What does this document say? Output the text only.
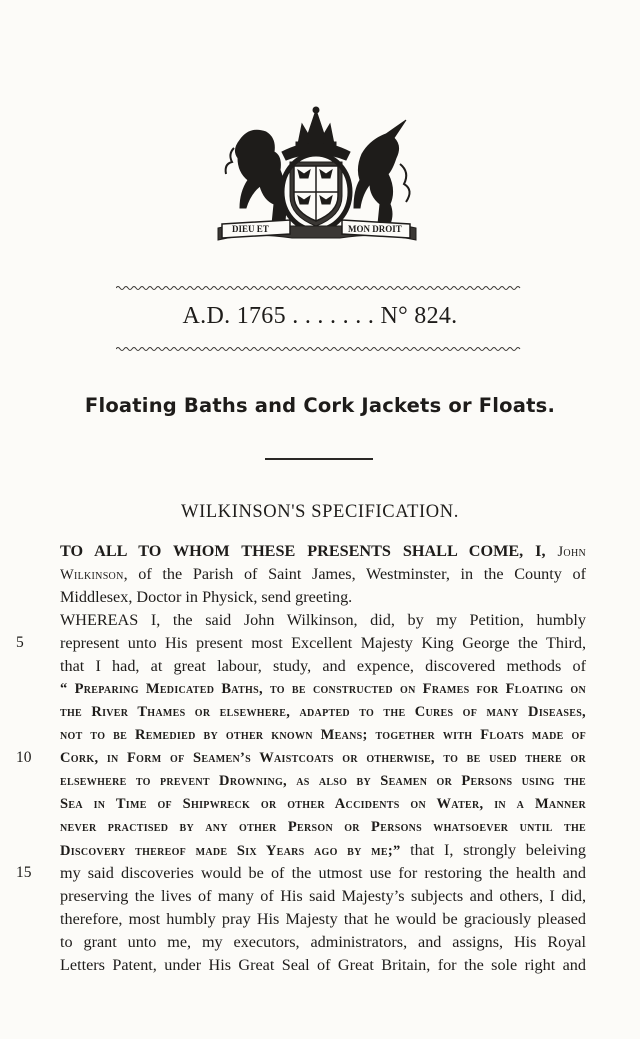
DIEU ET	MON DROIT
A.D. 1765 . . . . . . . N° 824.
Floating Baths and Cork Jackets or Floats.
WILKINSON'S SPECIFICATION.
5
10
15
TO ALL TO WHOM THESE PRESENTS SHALL COME, I, John
Wilkinson, of the Parish of Saint James, Westminster, in the County of
Middlesex, Doctor in Physick, send greeting.
WHEREAS I, the said John Wilkinson, did, by my Petition, humbly
represent unto His present most Excellent Majesty King George the Third,
that I had, at great labour, study, and expence, discovered methods of
“ Preparing Medicated Baths, to be constructed on Frames for Floating on
the River Thames or elsewhere, adapted to the Cures of many Diseases,
not to be Remedied by other known Means; together with Floats made of
Cork, in Form of Seamen’s Waistcoats or otherwise, to be used there or
elsewhere to prevent Drowning, as also by Seamen or Persons using the
Sea in Time of Shipwreck or other Accidents on Water, in a Manner
never practised by any other Person or Persons whatsoever until the
Discovery thereof made Six Years ago by me;” that I, strongly beleiving
my said discoveries would be of the utmost use for restoring the health and
preserving the lives of many of His said Majesty’s subjects and others, I did,
therefore, most humbly pray His Majesty that he would be graciously pleased
to grant unto me, my executors, administrators, and assigns, His Royal
Letters Patent, under His Great Seal of Great Britain, for the sole right and
